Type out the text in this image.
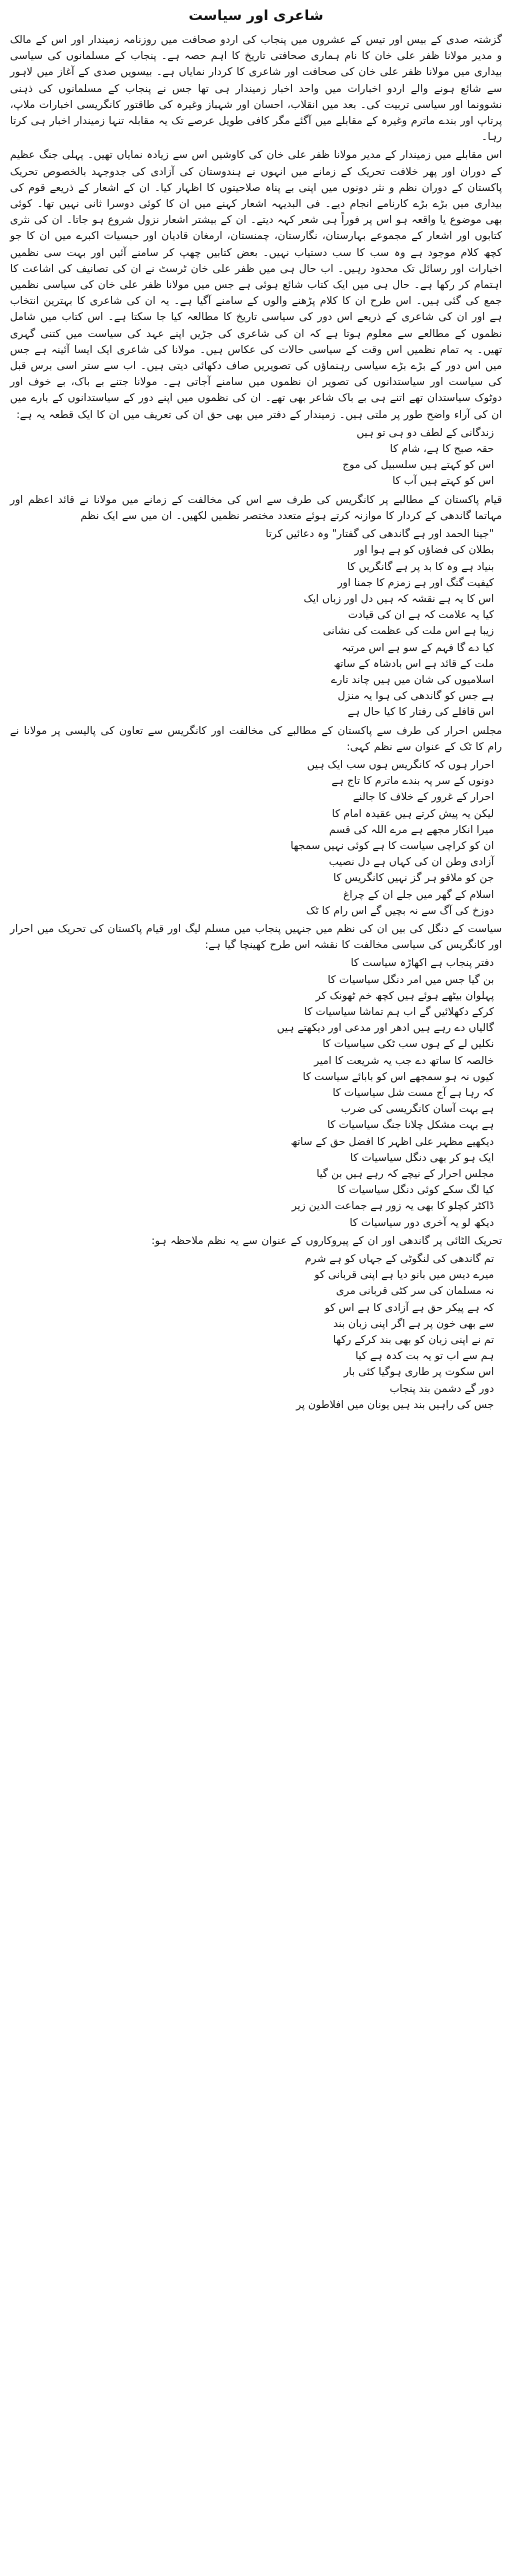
شاعری اور سیاست

گزشتہ صدی کے بیس اور تیس کے عشروں میں پنجاب کی اردو صحافت میں روزنامہ زمیندار اور اس کے مالک و مدیر مولانا ظفر علی خان کا نام ہماری صحافتی تاریخ کا اہم حصہ ہے۔ پنجاب کے مسلمانوں کی سیاسی بیداری میں مولانا ظفر علی خان کی صحافت اور شاعری کا کردار نمایاں ہے۔ بیسویں صدی کے آغاز میں لاہور سے شائع ہونے والے اردو اخبارات میں واحد اخبار زمیندار ہی تھا جس نے پنجاب کے مسلمانوں کی ذہنی نشوونما اور سیاسی تربیت کی۔ بعد میں انقلاب، احسان اور شہباز وغیرہ کی طاقتور کانگریسی اخبارات ملاپ، پرتاپ اور بندے ماترم وغیرہ کے مقابلے میں آگئے مگر کافی طویل عرصے تک یہ مقابلہ تنہا زمیندار اخبار ہی کرتا رہا۔

اس مقابلے میں زمیندار کے مدیر مولانا ظفر علی خان کی کاوشیں اس سے زیادہ نمایاں تھیں۔ پہلی جنگ عظیم کے دوران اور پھر خلافت تحریک کے زمانے میں انہوں نے ہندوستان کی آزادی کی جدوجہد بالخصوص تحریک پاکستان کے دوران نظم و نثر دونوں میں اپنی بے پناہ صلاحیتوں کا اظہار کیا۔ ان کے اشعار کے ذریعے قوم کی بیداری میں بڑے بڑے کارنامے انجام دیے۔ فی البدیہہ اشعار کہنے میں ان کا کوئی دوسرا ثانی نہیں تھا۔ کوئی بھی موضوع یا واقعہ ہو اس پر فوراً ہی شعر کہہ دیتے۔ ان کے بیشتر اشعار نزول شروع ہو جاتا۔ ان کی نثری کتابوں اور اشعار کے مجموعے بہارستان، نگارستان، چمنستان، ارمغان قادیان اور حبسیات اکبرے میں ان کا جو کچھ کلام موجود ہے وہ سب کا سب دستیاب نہیں۔ بعض کتابیں چھپ کر سامنے آئیں اور بہت سی نظمیں اخبارات اور رسائل تک محدود رہیں۔ اب حال ہی میں ظفر علی خان ٹرسٹ نے ان کی تصانیف کی اشاعت کا اہتمام کر رکھا ہے۔ حال ہی میں ایک کتاب شائع ہوئی ہے جس میں مولانا ظفر علی خان کی سیاسی نظمیں جمع کی گئی ہیں۔ اس طرح ان کا کلام پڑھنے والوں کے سامنے آگیا ہے۔ یہ ان کی شاعری کا بہترین انتخاب ہے اور ان کی شاعری کے ذریعے اس دور کی سیاسی تاریخ کا مطالعہ کیا جا سکتا ہے۔ اس کتاب میں شامل نظموں کے مطالعے سے معلوم ہوتا ہے کہ ان کی شاعری کی جڑیں اپنے عہد کی سیاست میں کتنی گہری تھیں۔ یہ تمام نظمیں اس وقت کے سیاسی حالات کی عکاس ہیں۔ مولانا کی شاعری ایک ایسا آئینہ ہے جس میں اس دور کے بڑے بڑے سیاسی رہنماؤں کی تصویریں صاف دکھائی دیتی ہیں۔ اب سے ستر اسی برس قبل کی سیاست اور سیاستدانوں کی تصویر ان نظموں میں سامنے آجاتی ہے۔ مولانا جتنے بے باک، بے خوف اور دوٹوک سیاستدان تھے اتنے ہی بے باک شاعر بھی تھے۔ ان کی نظموں میں اپنے دور کے سیاستدانوں کے بارے میں ان کی آراء واضح طور پر ملتی ہیں۔ زمیندار کے دفتر میں بھی حق ان کی تعریف میں ان کا ایک قطعہ یہ ہے:

زندگانی کے لطف دو ہی تو ہیں

حقہ صبح کا ہے، شام کا

اس کو کہتے ہیں سلسبیل کی موج

اس کو کہتے ہیں آب کا

قیام پاکستان کے مطالبے پر کانگریس کی طرف سے اس کی مخالفت کے زمانے میں مولانا نے قائد اعظم اور مہاتما گاندھی کے کردار کا موازنہ کرتے ہوئے متعدد مختصر نظمیں لکھیں۔ ان میں سے ایک نظم

"جینا الحمد اور ہے گاندھی کی گفتار" وہ دعائیں کرتا

بطلان کی فضاؤں کو ہے ہوا اور

بنیاد ہے وہ کا بد پر ہے گانگریں کا

کیفیت گنگ اور ہے زمزم کا جمنا اور

اس کا یہ ہے نقشہ کہ ہیں دل اور زباں ایک

کیا یہ علامت کہ ہے ان کی قیادت

زیبا ہے اس ملت کی عظمت کی نشانی

کیا دے گا فہم کے سو ہے اس مرتبہ

ملت کے قائد ہے اس بادشاہ کے ساتھ

اسلامیوں کی شان میں ہیں چاند تارے

ہے جس کو گاندھی کی ہوا یہ منزل

اس قافلے کی رفتار کا کیا حال ہے

مجلس احرار کی طرف سے پاکستان کے مطالبے کی مخالفت اور کانگریس سے تعاون کی پالیسی پر مولانا نے رام کا ٹک کے عنوان سے نظم کہی:

احرار ہوں کہ کانگریس ہوں سب ایک ہیں

دونوں کے سر پہ بندے ماترم کا تاج ہے

احرار کے غرور کے خلاف کا جالنے

لیکن یہ پیش کرتے ہیں عقیدہ امام کا

میرا انکار مجھے ہے مرے اللہ کی قسم

ان کو کراچی سیاست کا ہے کوئی نہیں سمجھا

آزادی وطن ان کی کہاں ہے دل نصیب

جن کو ملاقو ہر گز نہیں کانگریس کا

اسلام کے گھر میں جلے ان کے چراغ

دوزخ کی آگ سے نہ بچیں گے اس رام کا ٹک

سیاست کے دنگل کی بیں ان کی نظم میں جنہیں پنجاب میں مسلم لیگ اور قیام پاکستان کی تحریک میں احرار اور کانگریس کی سیاسی مخالفت کا نقشہ اس طرح کھینچا گیا ہے:

دفتر پنجاب ہے اکھاڑہ سیاست کا

بن گیا جس میں امر دنگل سیاسیات کا

پہلوان بیٹھے ہوئے ہیں کچھ خم ٹھونک کر

کرکے دکھلائیں گے اب ہم تماشا سیاسیات کا

گالیاں دے رہے ہیں ادھر اور مدعی اور دیکھتے ہیں

نکلیں لے کے ہوں سب ٹکی سیاسیات کا

خالصہ کا ساتھ دے جب یہ شریعت کا امیر

کیوں نہ ہو سمجھے اس کو بابائے سیاست کا

کہ رہا ہے آج مست شل سیاسیات کا

ہے بہت آسان کانگریسی کی ضرب

ہے بہت مشکل چلانا جنگ سیاسیات کا

دیکھیے مظہر علی اظہر کا افضل حق کے ساتھ

ایک ہو کر بھی دنگل سیاسیات کا

مجلس احرار کے نیچے کہ رہے ہیں بن گیا

کیا لگ سکے کوئی دنگل سیاسیات کا

ڈاکٹر کچلو کا بھی یہ زور ہے جماعت الدین زیر

دیکھ لو یہ آخری دور سیاسیات کا

تحریک الٹائی پر گاندھی اور ان کے پیروکاروں کے عنوان سے یہ نظم ملاحظہ ہو:

تم گاندھی کی لنگوٹی کے جہاں کو ہے شرم

میرے دیس میں بانو دیا ہے اپنی قربانی کو

نہ مسلمان کی سر کٹی قربانی مری

کہ ہے پیکر حق ہے آزادی کا ہے اس کو

سے بھی خون پر ہے اگر اپنی زبان بند

تم نے اپنی زبان کو بھی بند کرکے رکھا

ہم سے اب تو یہ بت کدہ ہے کیا

اس سکوت پر طاری ہوگیا کئی بار

دور گے دشمن بند پنجاب

جس کی راہیں بند ہیں یونان میں افلاطون پر
